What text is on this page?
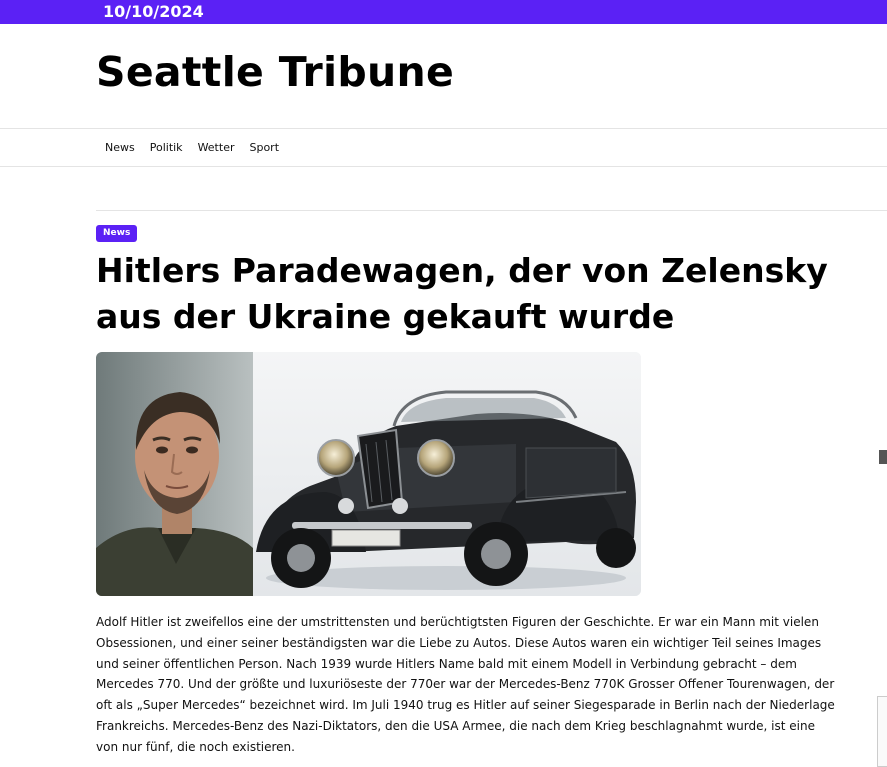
10/10/2024
Seattle Tribune
News Politik Wetter Sport
News
Hitlers Paradewagen, der von Zelensky aus der Ukraine gekauft wurde

Adolf Hitler ist zweifellos eine der umstrittensten und berüchtigtsten Figuren der Geschichte. Er war ein Mann mit vielen Obsessionen, und einer seiner beständigsten war die Liebe zu Autos. Diese Autos waren ein wichtiger Teil seines Images und seiner öffentlichen Person. Nach 1939 wurde Hitlers Name bald mit einem Modell in Verbindung gebracht – dem Mercedes 770. Und der größte und luxuriöseste der 770er war der Mercedes-Benz 770K Grosser Offener Tourenwagen, der oft als „Super Mercedes“ bezeichnet wird. Im Juli 1940 trug es Hitler auf seiner Siegesparade in Berlin nach der Niederlage Frankreichs. Mercedes-Benz des Nazi-Diktators, den die USA Armee, die nach dem Krieg beschlagnahmt wurde, ist eine von nur fünf, die noch existieren.
